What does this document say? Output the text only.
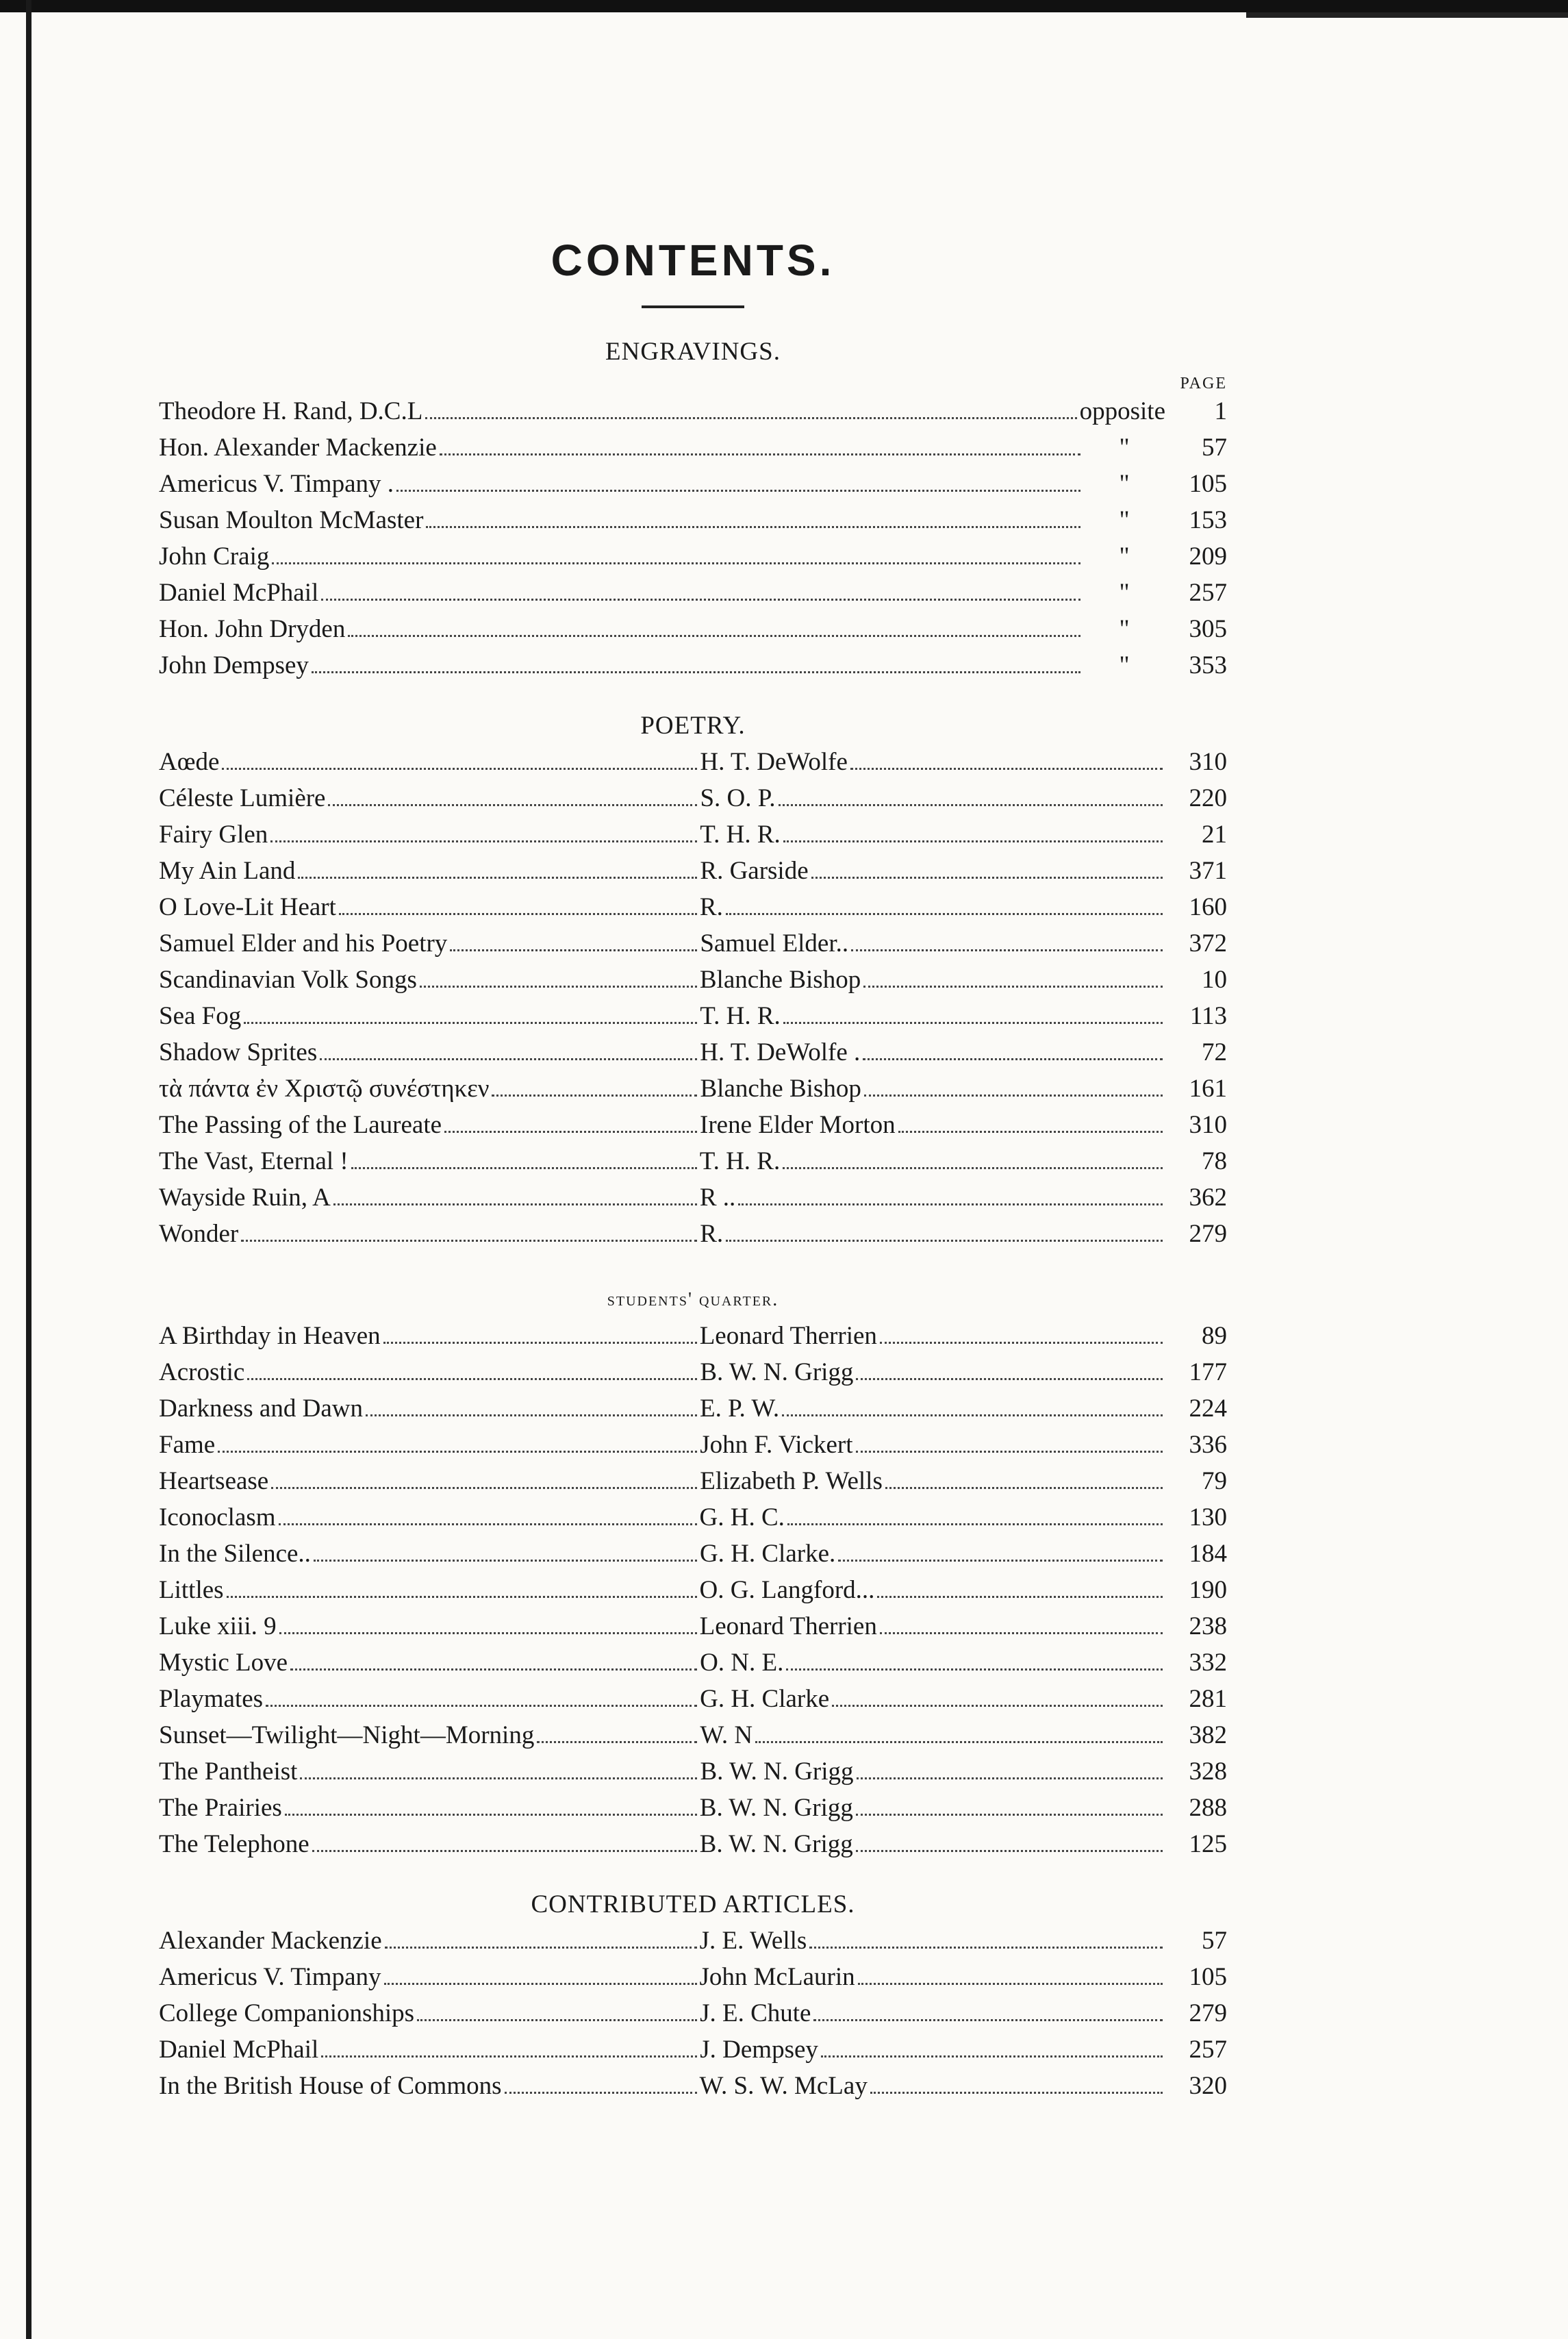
CONTENTS.
ENGRAVINGS.
PAGE
Theodore H. Rand, D.C.L	opposite	1
Hon. Alexander Mackenzie	"	57
Americus V. Timpany .	"	105
Susan Moulton McMaster	"	153
John Craig	"	209
Daniel McPhail	"	257
Hon. John Dryden	"	305
John Dempsey	"	353
POETRY.
Aœde	H. T. DeWolfe	310
Céleste Lumière	S. O. P.	220
Fairy Glen	T. H. R.	21
My Ain Land	R. Garside	371
O Love-Lit Heart	R.	160
Samuel Elder and his Poetry	Samuel Elder..	372
Scandinavian Volk Songs	Blanche Bishop	10
Sea Fog	T. H. R.	113
Shadow Sprites	H. T. DeWolfe .	72
τὰ πάντα ἐν Χριστῷ συνέστηκεν	Blanche Bishop	161
The Passing of the Laureate	Irene Elder Morton	310
The Vast, Eternal !	T. H. R.	78
Wayside Ruin, A	R ..	362
Wonder	R.	279
students' quarter.
A Birthday in Heaven	Leonard Therrien	89
Acrostic	B. W. N. Grigg	177
Darkness and Dawn	E. P. W.	224
Fame	John F. Vickert	336
Heartsease	Elizabeth P. Wells	79
Iconoclasm	G. H. C.	130
In the Silence..	G. H. Clarke.	184
Littles	O. G. Langford...	190
Luke xiii. 9	Leonard Therrien	238
Mystic Love	O. N. E.	332
Playmates	G. H. Clarke	281
Sunset—Twilight—Night—Morning	W. N	382
The Pantheist	B. W. N. Grigg	328
The Prairies	B. W. N. Grigg	288
The Telephone	B. W. N. Grigg	125
CONTRIBUTED ARTICLES.
Alexander Mackenzie	J. E. Wells	57
Americus V. Timpany	John McLaurin	105
College Companionships	J. E. Chute	279
Daniel McPhail	J. Dempsey	257
In the British House of Commons	W. S. W. McLay	320
